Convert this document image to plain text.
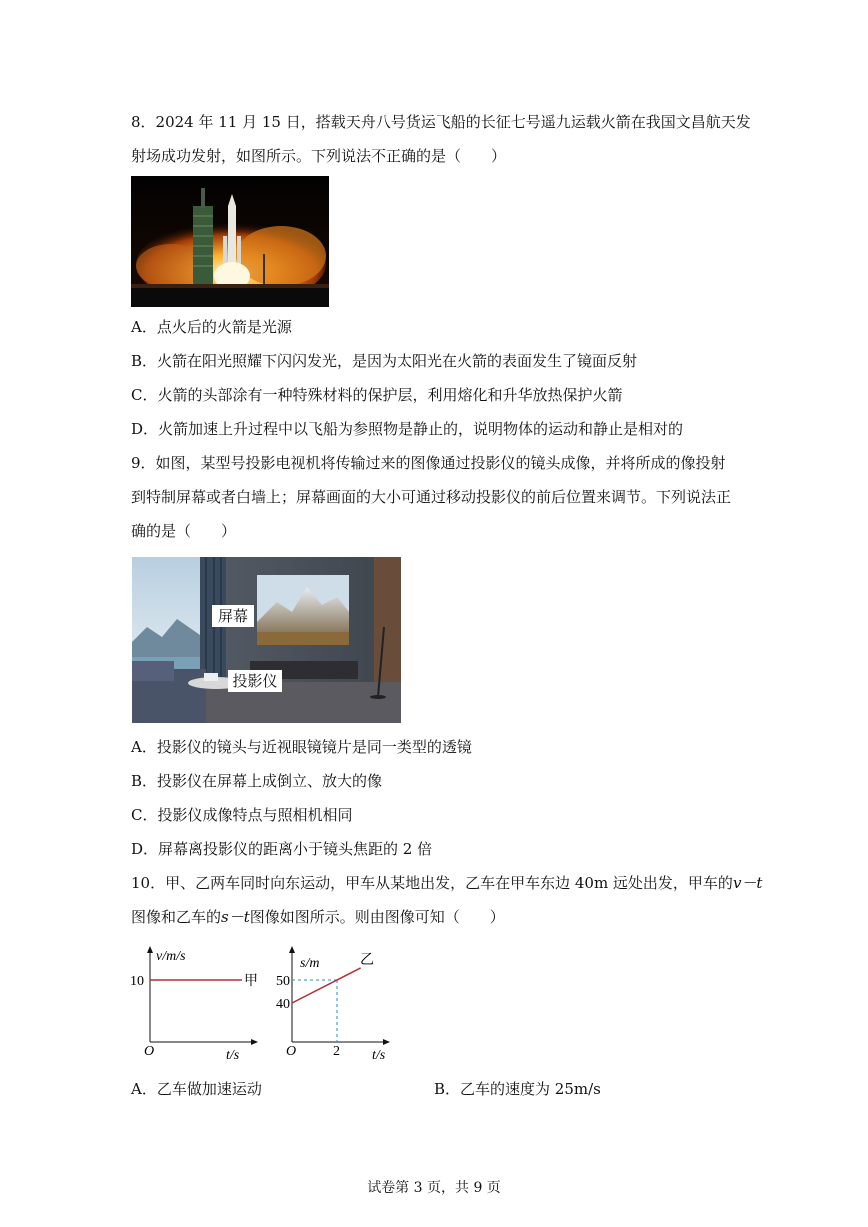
8．2024 年 11 月 15 日，搭载天舟八号货运飞船的长征七号遥九运载火箭在我国文昌航天发
射场成功发射，如图所示。下列说法不正确的是（　　）
A．点火后的火箭是光源
B．火箭在阳光照耀下闪闪发光，是因为太阳光在火箭的表面发生了镜面反射
C．火箭的头部涂有一种特殊材料的保护层，利用熔化和升华放热保护火箭
D．火箭加速上升过程中以飞船为参照物是静止的，说明物体的运动和静止是相对的
9．如图，某型号投影电视机将传输过来的图像通过投影仪的镜头成像，并将所成的像投射
到特制屏幕或者白墙上；屏幕画面的大小可通过移动投影仪的前后位置来调节。下列说法正
确的是（　　）
屏幕
投影仪
A．投影仪的镜头与近视眼镜镜片是同一类型的透镜
B．投影仪在屏幕上成倒立、放大的像
C．投影仪成像特点与照相机相同
D．屏幕离投影仪的距离小于镜头焦距的 2 倍
10．甲、乙两车同时向东运动，甲车从某地出发，乙车在甲车东边 40m 远处出发，甲车的v－t
图像和乙车的s－t图像如图所示。则由图像可知（　　）
v/m/s
t/s
O
10	甲
s/m
t/s
O
50
40
2
乙
A．乙车做加速运动	B．乙车的速度为 25m/s
试卷第 3 页，共 9 页
